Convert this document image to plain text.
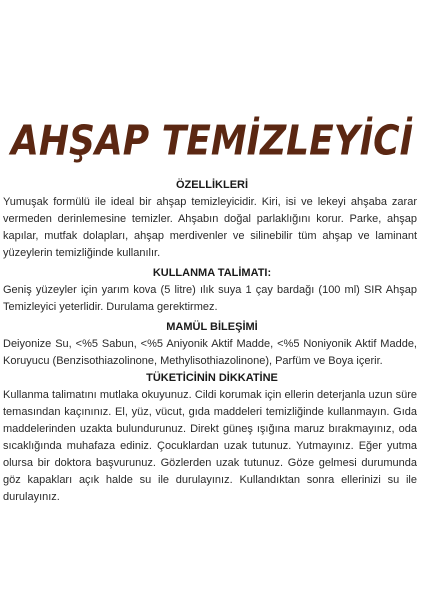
AHŞAP TEMİZLEYİCİ

ÖZELLİKLERİ

Yumuşak formülü ile ideal bir ahşap temizleyicidir. Kiri, isi ve lekeyi ahşaba zarar vermeden derinlemesine temizler. Ahşabın doğal parlaklığını korur. Parke, ahşap kapılar, mutfak dolapları, ahşap merdivenler ve silinebilir tüm ahşap ve laminant yüzeylerin temizliğinde kullanılır.

KULLANMA TALİMATI:

Geniş yüzeyler için yarım kova (5 litre) ılık suya 1 çay bardağı (100 ml) SIR Ahşap Temizleyici yeterlidir. Durulama gerektirmez.

MAMÜL BİLEŞİMİ

Deiyonize Su, <%5 Sabun, <%5 Aniyonik Aktif Madde, <%5 Noniyonik Aktif Madde, Koruyucu (Benzisothiazolinone, Methylisothiazolinone), Parfüm ve Boya içerir.

TÜKETİCİNİN DİKKATİNE

Kullanma talimatını mutlaka okuyunuz. Cildi korumak için ellerin deterjanla uzun süre temasından kaçınınız. El, yüz, vücut, gıda maddeleri temizliğinde kullanmayın. Gıda maddelerinden uzakta bulundurunuz. Direkt güneş ışığına maruz bırakmayınız, oda sıcaklığında muhafaza ediniz. Çocuklardan uzak tutunuz. Yutmayınız. Eğer yutma olursa bir doktora başvurunuz. Gözlerden uzak tutunuz. Göze gelmesi durumunda göz kapakları açık halde su ile durulayınız. Kullandıktan sonra ellerinizi su ile durulayınız.
